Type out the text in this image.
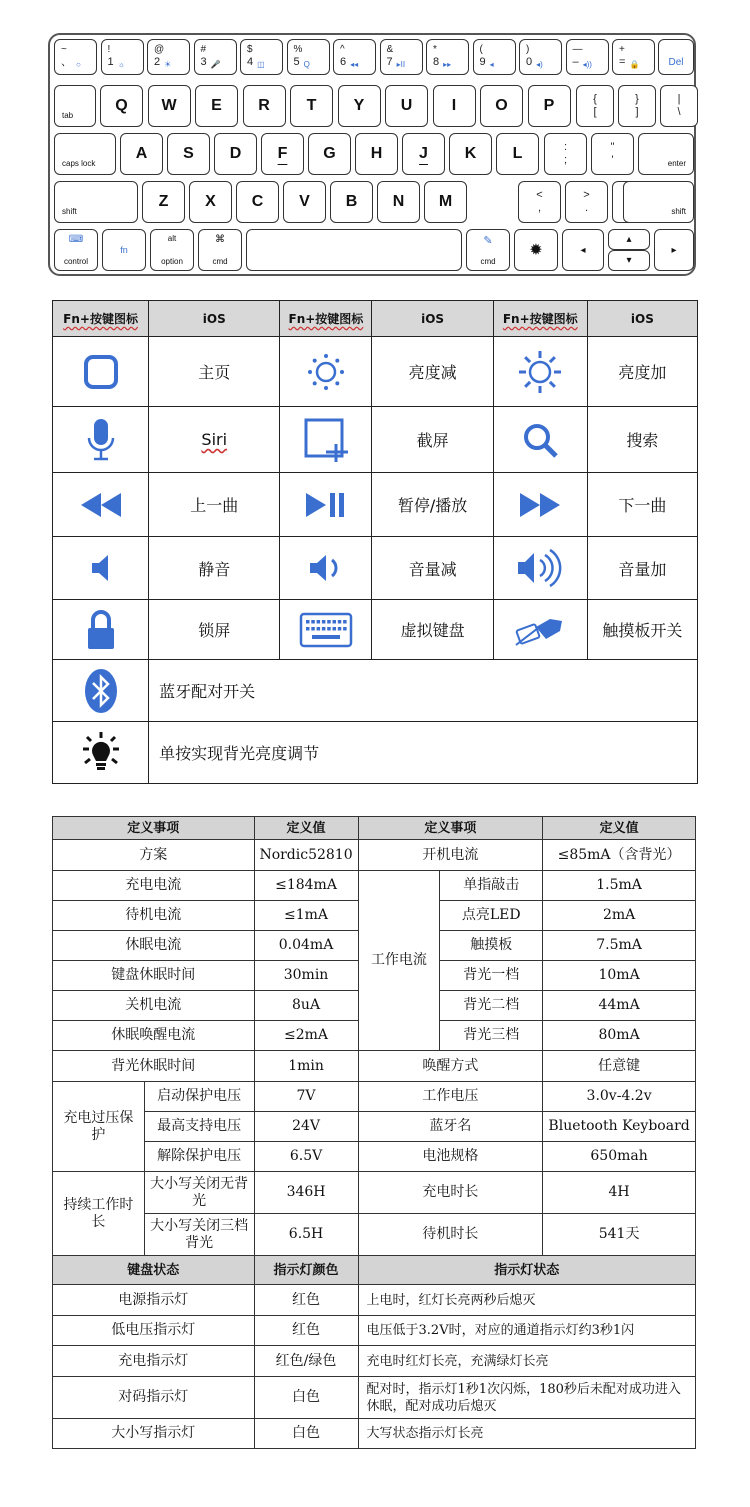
~
、 ○
!
1 ☼
@
2 ☀
#
3 🎤
$
4 ◫
%
5 Q
^
6 ◂◂
&
7 ▸II
*
8 ▸▸
(
9 ◂
)
0 ◂)
—
– ◂))
+
= 🔒	Del
tab
Q W E R T Y U I O P	{
[
}
]
|
\
caps lock
A S D F G H J K L	:
;
"
'	enter
shift
Z X C V B N M	<
,
>
.	shift
⌨
control
fn
alt
option
⌘
cmd
✎
cmd
✹	◂
▴
▾
▸
Fn+按键图标	iOS	Fn+按键图标	iOS	Fn+按键图标	iOS

	主页		亮度减		亮度加

	Siri		截屏		搜索

	上一曲		暂停/播放		下一曲

	静音		音量减		音量加

	锁屏		虚拟键盘		触摸板开关

	蓝牙配对开关				

	单按实现背光亮度调节				
定义事项		定义值	定义事项		定义值
方案		Nordic52810	开机电流		≤85mA（含背光）
充电电流		≤184mA	工作电流	单指敲击	1.5mA
待机电流		≤1mA		点亮LED	2mA
休眠电流		0.04mA		触摸板	7.5mA
键盘休眠时间		30min		背光一档	10mA
关机电流		8uA		背光二档	44mA
休眠唤醒电流		≤2mA		背光三档	80mA
背光休眠时间		1min	唤醒方式		任意键
充电过压保护	启动保护电压	7V	工作电压		3.0v-4.2v
	最高支持电压	24V	蓝牙名		Bluetooth Keyboard
	解除保护电压	6.5V	电池规格		650mah
持续工作时长	大小写关闭无背光	346H	充电时长		4H
	大小写关闭三档背光	6.5H	待机时长		541天
键盘状态		指示灯颜色	指示灯状态		
电源指示灯		红色	上电时，红灯长亮两秒后熄灭		
低电压指示灯		红色	电压低于3.2V时，对应的通道指示灯约3秒1闪		
充电指示灯		红色/绿色	充电时红灯长亮，充满绿灯长亮		
对码指示灯		白色	配对时，指示灯1秒1次闪烁，180秒后未配对成功进入休眠，配对成功后熄灭		
大小写指示灯		白色	大写状态指示灯长亮		
